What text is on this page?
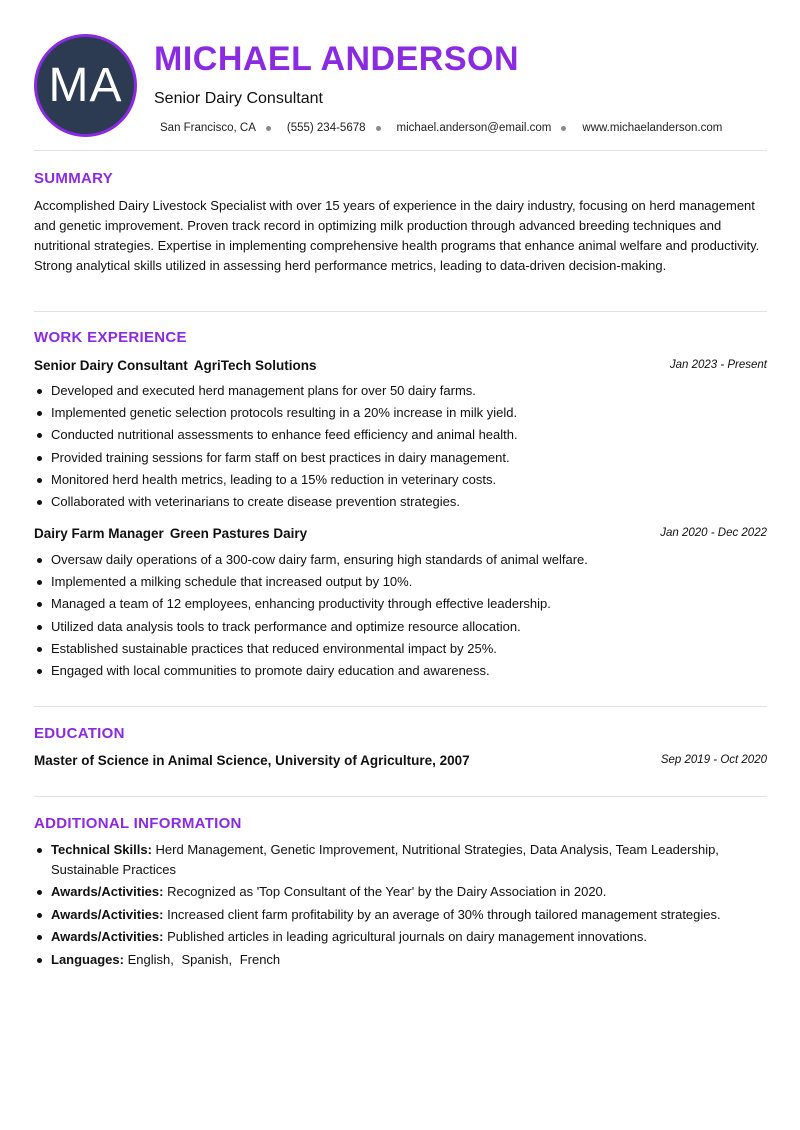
MA MICHAEL ANDERSON
Senior Dairy Consultant
San Francisco, CA	(555) 234-5678	michael.anderson@email.com	www.michaelanderson.com
SUMMARY

Accomplished Dairy Livestock Specialist with over 15 years of experience in the dairy industry, focusing on herd management and genetic improvement. Proven track record in optimizing milk production through advanced breeding techniques and nutritional strategies. Expertise in implementing comprehensive health programs that enhance animal welfare and productivity. Strong analytical skills utilized in assessing herd performance metrics, leading to data-driven decision-making.

WORK EXPERIENCE
Senior Dairy Consultant AgriTech Solutions	Jan 2023 - Present
Developed and executed herd management plans for over 50 dairy farms.
Implemented genetic selection protocols resulting in a 20% increase in milk yield.
Conducted nutritional assessments to enhance feed efficiency and animal health.
Provided training sessions for farm staff on best practices in dairy management.
Monitored herd health metrics, leading to a 15% reduction in veterinary costs.
Collaborated with veterinarians to create disease prevention strategies.
Dairy Farm Manager Green Pastures Dairy	Jan 2020 - Dec 2022
Oversaw daily operations of a 300-cow dairy farm, ensuring high standards of animal welfare.
Implemented a milking schedule that increased output by 10%.
Managed a team of 12 employees, enhancing productivity through effective leadership.
Utilized data analysis tools to track performance and optimize resource allocation.
Established sustainable practices that reduced environmental impact by 25%.
Engaged with local communities to promote dairy education and awareness.
EDUCATION
Master of Science in Animal Science, University of Agriculture, 2007	Sep 2019 - Oct 2020
ADDITIONAL INFORMATION
Technical Skills: Herd Management, Genetic Improvement, Nutritional Strategies, Data Analysis, Team Leadership, Sustainable Practices
Awards/Activities: Recognized as 'Top Consultant of the Year' by the Dairy Association in 2020.
Awards/Activities: Increased client farm profitability by an average of 30% through tailored management strategies.
Awards/Activities: Published articles in leading agricultural journals on dairy management innovations.
Languages: English, Spanish, French
